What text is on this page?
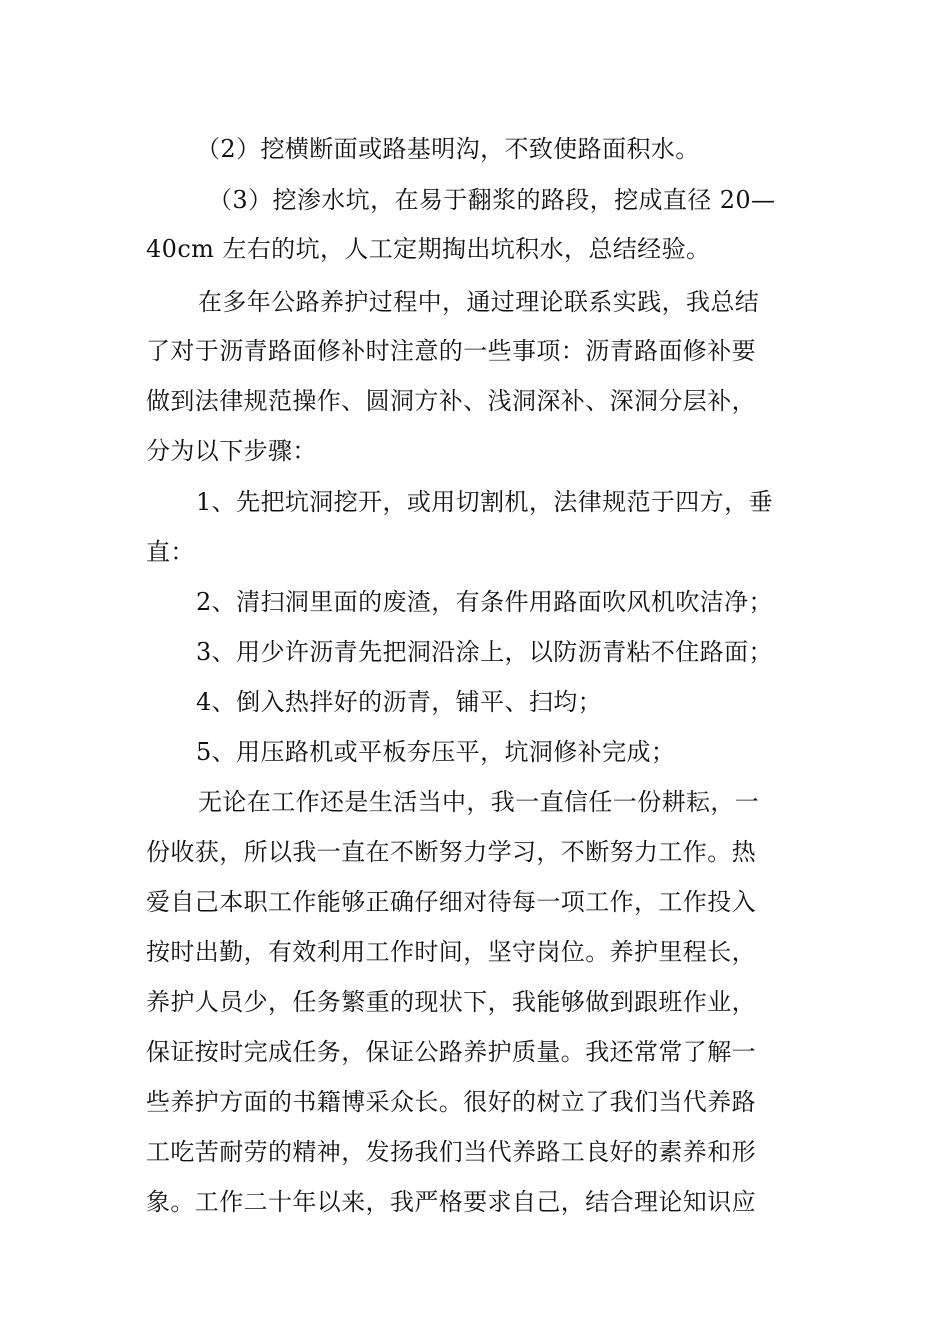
（2）挖横断面或路基明沟，不致使路面积水。
（3）挖渗水坑，在易于翻浆的路段，挖成直径 20—
40cm 左右的坑，人工定期掏出坑积水，总结经验。
在多年公路养护过程中，通过理论联系实践，我总结
了对于沥青路面修补时注意的一些事项：沥青路面修补要
做到法律规范操作、圆洞方补、浅洞深补、深洞分层补，
分为以下步骤：
1、先把坑洞挖开，或用切割机，法律规范于四方，垂
直：
2、清扫洞里面的废渣，有条件用路面吹风机吹洁净；
3、用少许沥青先把洞沿涂上，以防沥青粘不住路面；
4、倒入热拌好的沥青，铺平、扫均；
5、用压路机或平板夯压平，坑洞修补完成；
无论在工作还是生活当中，我一直信任一份耕耘，一
份收获，所以我一直在不断努力学习，不断努力工作。热
爱自己本职工作能够正确仔细对待每一项工作，工作投入
按时出勤，有效利用工作时间，坚守岗位。养护里程长，
养护人员少，任务繁重的现状下，我能够做到跟班作业，
保证按时完成任务，保证公路养护质量。我还常常了解一
些养护方面的书籍博采众长。很好的树立了我们当代养路
工吃苦耐劳的精神，发扬我们当代养路工良好的素养和形
象。工作二十年以来，我严格要求自己，结合理论知识应
